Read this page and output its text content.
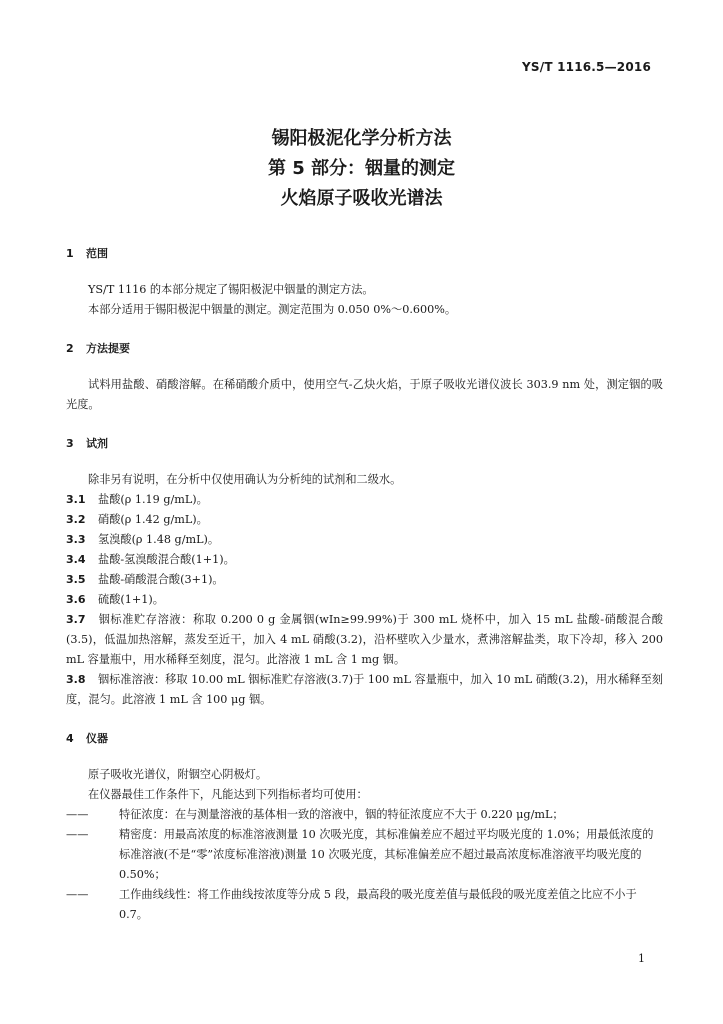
YS/T 1116.5—2016
锡阳极泥化学分析方法
第 5 部分：铟量的测定
火焰原子吸收光谱法
1	范围

YS/T 1116 的本部分规定了锡阳极泥中铟量的测定方法。

本部分适用于锡阳极泥中铟量的测定。测定范围为 0.050 0%～0.600%。

2	方法提要

试料用盐酸、硝酸溶解。在稀硝酸介质中，使用空气-乙炔火焰，于原子吸收光谱仪波长 303.9 nm 处，测定铟的吸光度。

3	试剂

除非另有说明，在分析中仅使用确认为分析纯的试剂和二级水。

3.1	盐酸(ρ 1.19 g/mL)。
3.2	硝酸(ρ 1.42 g/mL)。
3.3	氢溴酸(ρ 1.48 g/mL)。
3.4	盐酸-氢溴酸混合酸(1+1)。
3.5	盐酸-硝酸混合酸(3+1)。
3.6	硫酸(1+1)。

3.7 铟标准贮存溶液：称取 0.200 0 g 金属铟(wIn≥99.99%)于 300 mL 烧杯中，加入 15 mL 盐酸-硝酸混合酸(3.5)，低温加热溶解，蒸发至近干，加入 4 mL 硝酸(3.2)，沿杯壁吹入少量水，煮沸溶解盐类，取下冷却，移入 200 mL 容量瓶中，用水稀释至刻度，混匀。此溶液 1 mL 含 1 mg 铟。

3.8 铟标准溶液：移取 10.00 mL 铟标准贮存溶液(3.7)于 100 mL 容量瓶中，加入 10 mL 硝酸(3.2)，用水稀释至刻度，混匀。此溶液 1 mL 含 100 μg 铟。

4	仪器

原子吸收光谱仪，附铟空心阴极灯。

在仪器最佳工作条件下，凡能达到下列指标者均可使用：

——	特征浓度：在与测量溶液的基体相一致的溶液中，铟的特征浓度应不大于 0.220 μg/mL；
——	精密度：用最高浓度的标准溶液测量 10 次吸光度，其标准偏差应不超过平均吸光度的 1.0%；用最低浓度的标准溶液(不是“零”浓度标准溶液)测量 10 次吸光度，其标准偏差应不超过最高浓度标准溶液平均吸光度的 0.50%；
——	工作曲线线性：将工作曲线按浓度等分成 5 段，最高段的吸光度差值与最低段的吸光度差值之比应不小于 0.7。
1
